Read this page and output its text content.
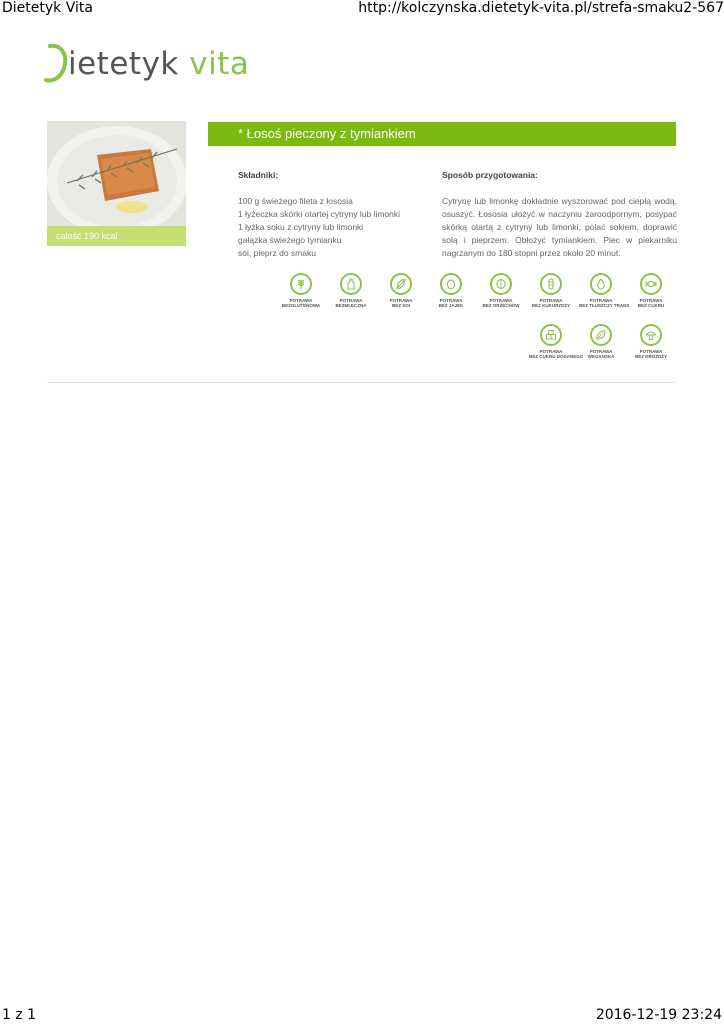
Dietetyk Vita	http://kolczynska.dietetyk-vita.pl/strefa-smaku2-567
ietetyk vita
całość 190 kcal
* Łosoś pieczony z tymiankiem
Składniki:
100 g świeżego fileta z łososia
1 łyżeczka skórki otartej cytryny lub limonki
1 łyżka soku z cytryny lub limonki
gałązka świeżego tymianku
sól, pieprz do smaku
Sposób przygotowania:
Cytrynę lub limonkę dokładnie wyszorować pod ciepłą wodą, osuszyć. Łososia ułożyć w naczyniu żaroodpornym, posypać skórką otartą z cytryny lub limonki, polać sokiem, doprawić solą i pieprzem. Obłożyć tymiankiem. Piec w piekarniku nagrzanym do 180 stopni przez około 20 minut.
POTRAWA
BEZGLUTENOWA
POTRAWA
BEZMLECZNA
POTRAWA
BEZ SOI
POTRAWA
BEZ JAJEK
POTRAWA
BEZ ORZECHÓW
POTRAWA
BEZ KUKURYDZY
POTRAWA
BEZ TŁUSZCZY TRANS
POTRAWA
BEZ CUKRU
POTRAWA
BEZ CUKRU DODANEGO
POTRAWA
WEGAŃSKA
POTRAWA
BEZ DROŻDŻY
1 z 1	2016-12-19 23:24
